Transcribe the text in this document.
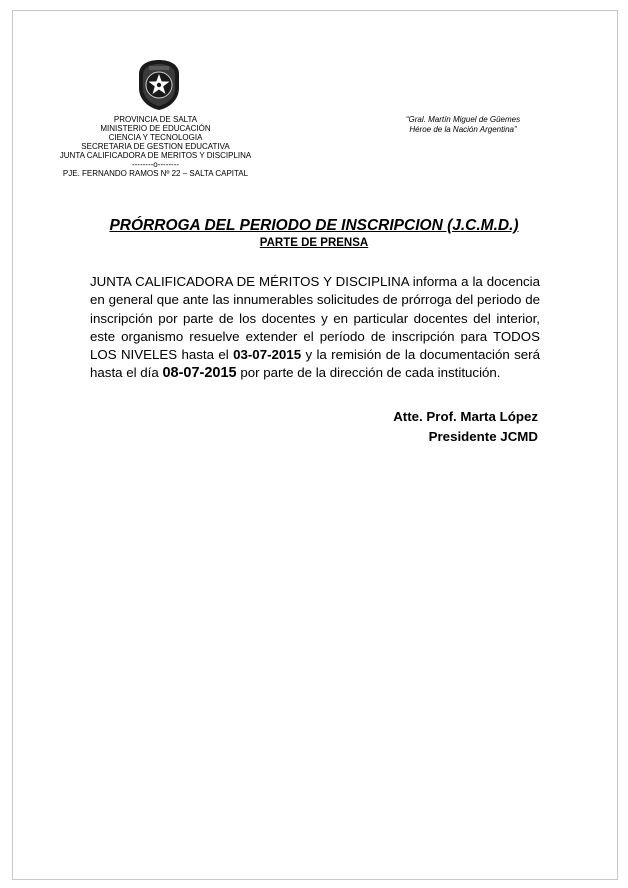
PROVINCIA DE SALTA
MINISTERIO DE EDUCACIÓN
CIENCIA Y TECNOLOGIA
SECRETARIA DE GESTION EDUCATIVA
JUNTA CALIFICADORA DE MERITOS Y DISCIPLINA
--------o--------
PJE. FERNANDO RAMOS Nº 22 – SALTA CAPITAL
“Gral. Martín Miguel de Güemes
Héroe de la Nación Argentina”
PRÓRROGA DEL PERIODO DE INSCRIPCION (J.C.M.D.)
PARTE DE PRENSA
JUNTA CALIFICADORA DE MÉRITOS Y DISCIPLINA informa a la docencia en general que ante las innumerables solicitudes de prórroga del periodo de inscripción por parte de los docentes y en particular docentes del interior, este organismo resuelve extender el período de inscripción para TODOS LOS NIVELES hasta el 03-07-2015 y la remisión de la documentación será hasta el día 08-07-2015 por parte de la dirección de cada institución.
Atte. Prof. Marta López
Presidente JCMD
